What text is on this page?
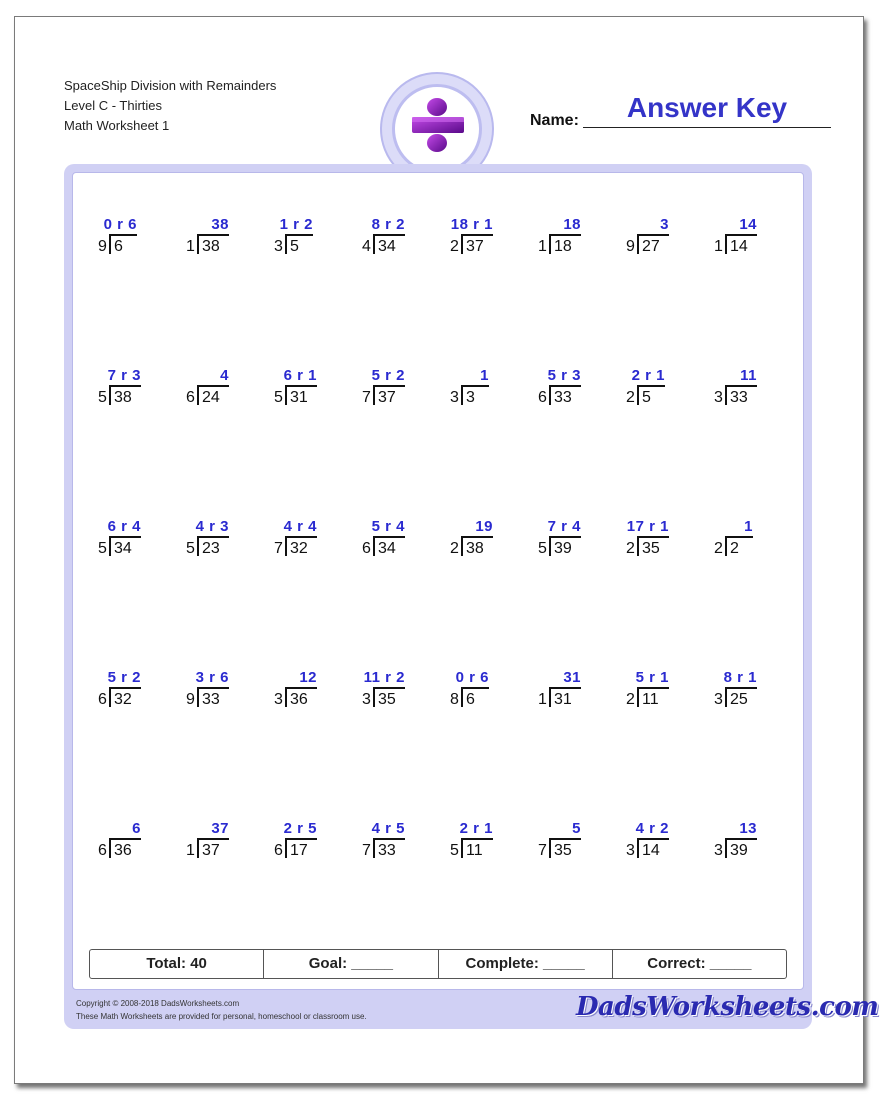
SpaceShip Division with Remainders
Level C - Thirties
Math Worksheet 1	Name:	Answer Key
9 6
0 r 6
1 38
38
3 5
1 r 2
4 34
8 r 2
2 37
18 r 1
1 18
18
9 27
3
1 14
14
5 38
7 r 3
6 24
4
5 31
6 r 1
7 37
5 r 2
3 3
1
6 33
5 r 3
2 5
2 r 1
3 33
11
5 34
6 r 4
5 23
4 r 3
7 32
4 r 4
6 34
5 r 4
2 38
19
5 39
7 r 4
2 35
17 r 1
2 2
1
6 32
5 r 2
9 33
3 r 6
3 36
12
3 35
11 r 2
8 6
0 r 6
1 31
31
2 11
5 r 1
3 25
8 r 1
6 36
6
1 37
37
6 17
2 r 5
7 33
4 r 5
5 11
2 r 1
7 35
5
3 14
4 r 2
3 39
13
Total: 40	Goal: _____	Complete: _____	Correct: _____
Copyright © 2008-2018 DadsWorksheets.com
These Math Worksheets are provided for personal, homeschool or classroom use.	DadsWorksheets.com
